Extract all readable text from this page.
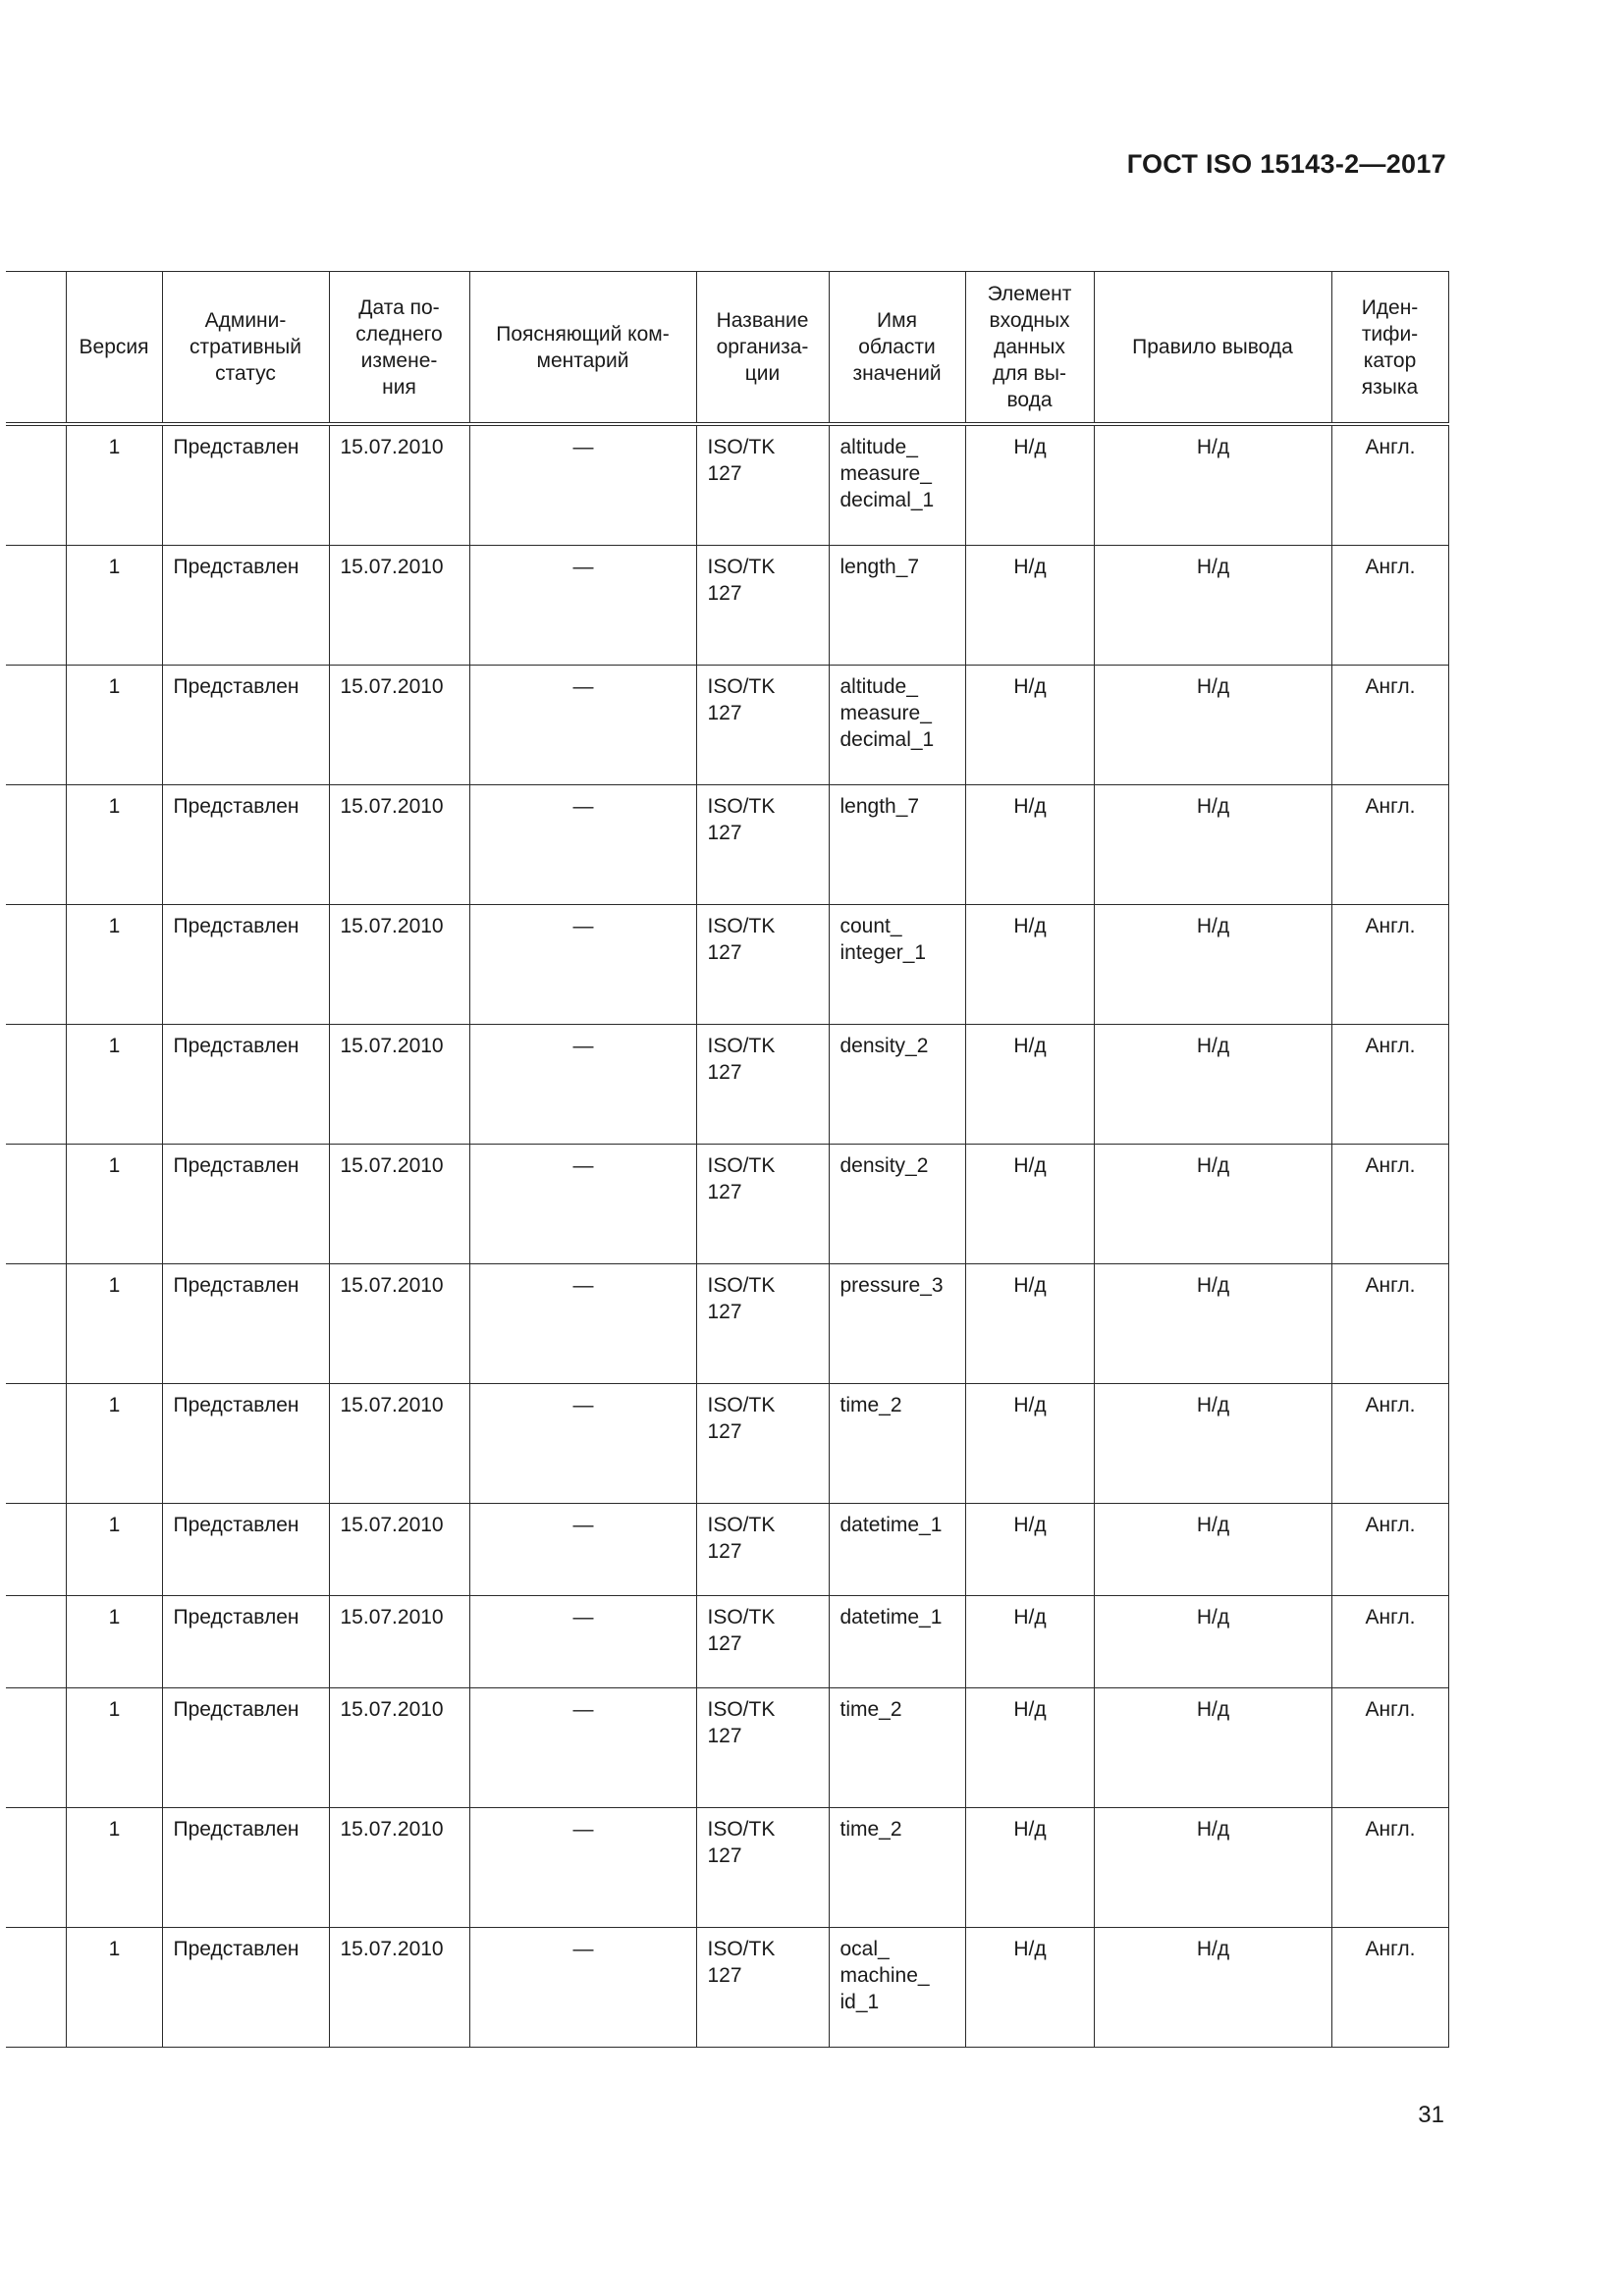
ГОСТ ISO 15143-2—2017
	Версия	Админи-
стративный
статус	Дата по-
следнего
измене-
ния	Поясняющий ком-
ментарий	Название
организа-
ции	Имя
области
значений	Элемент
входных
данных
для вы-
вода	Правило вывода	Иден-
тифи-
катор
языка
	1	Представлен	15.07.2010	—	ISO/TK
127	altitude_
measure_
decimal_1	Н/д	Н/д	Англ.
	1	Представлен	15.07.2010	—	ISO/TK
127	length_7	Н/д	Н/д	Англ.
	1	Представлен	15.07.2010	—	ISO/TK
127	altitude_
measure_
decimal_1	Н/д	Н/д	Англ.
	1	Представлен	15.07.2010	—	ISO/TK
127	length_7	Н/д	Н/д	Англ.
	1	Представлен	15.07.2010	—	ISO/TK
127	count_
integer_1	Н/д	Н/д	Англ.
	1	Представлен	15.07.2010	—	ISO/TK
127	density_2	Н/д	Н/д	Англ.
	1	Представлен	15.07.2010	—	ISO/TK
127	density_2	Н/д	Н/д	Англ.
	1	Представлен	15.07.2010	—	ISO/TK
127	pressure_3	Н/д	Н/д	Англ.
	1	Представлен	15.07.2010	—	ISO/TK
127	time_2	Н/д	Н/д	Англ.
	1	Представлен	15.07.2010	—	ISO/TK
127	datetime_1	Н/д	Н/д	Англ.
	1	Представлен	15.07.2010	—	ISO/TK
127	datetime_1	Н/д	Н/д	Англ.
	1	Представлен	15.07.2010	—	ISO/TK
127	time_2	Н/д	Н/д	Англ.
	1	Представлен	15.07.2010	—	ISO/TK
127	time_2	Н/д	Н/д	Англ.
	1	Представлен	15.07.2010	—	ISO/TK
127	ocal_
machine_
id_1	Н/д	Н/д	Англ.
31
